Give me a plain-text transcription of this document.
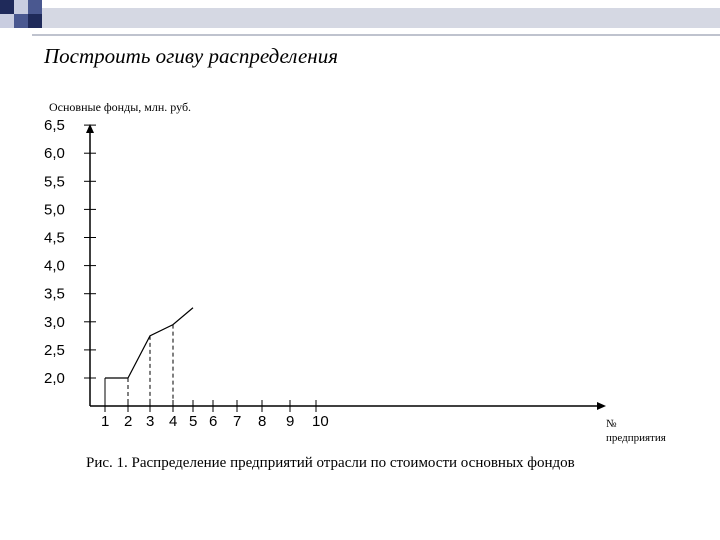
Построить огиву распределения
Основные фонды, млн. руб.
2,0
2,5
3,0
3,5
4,0
4,5
5,0
5,5
6,0
6,5
1 2 3 4 5 6 7 8 9 10	№
предприятия
Рис. 1. Распределение предприятий отрасли по стоимости основных фондов
